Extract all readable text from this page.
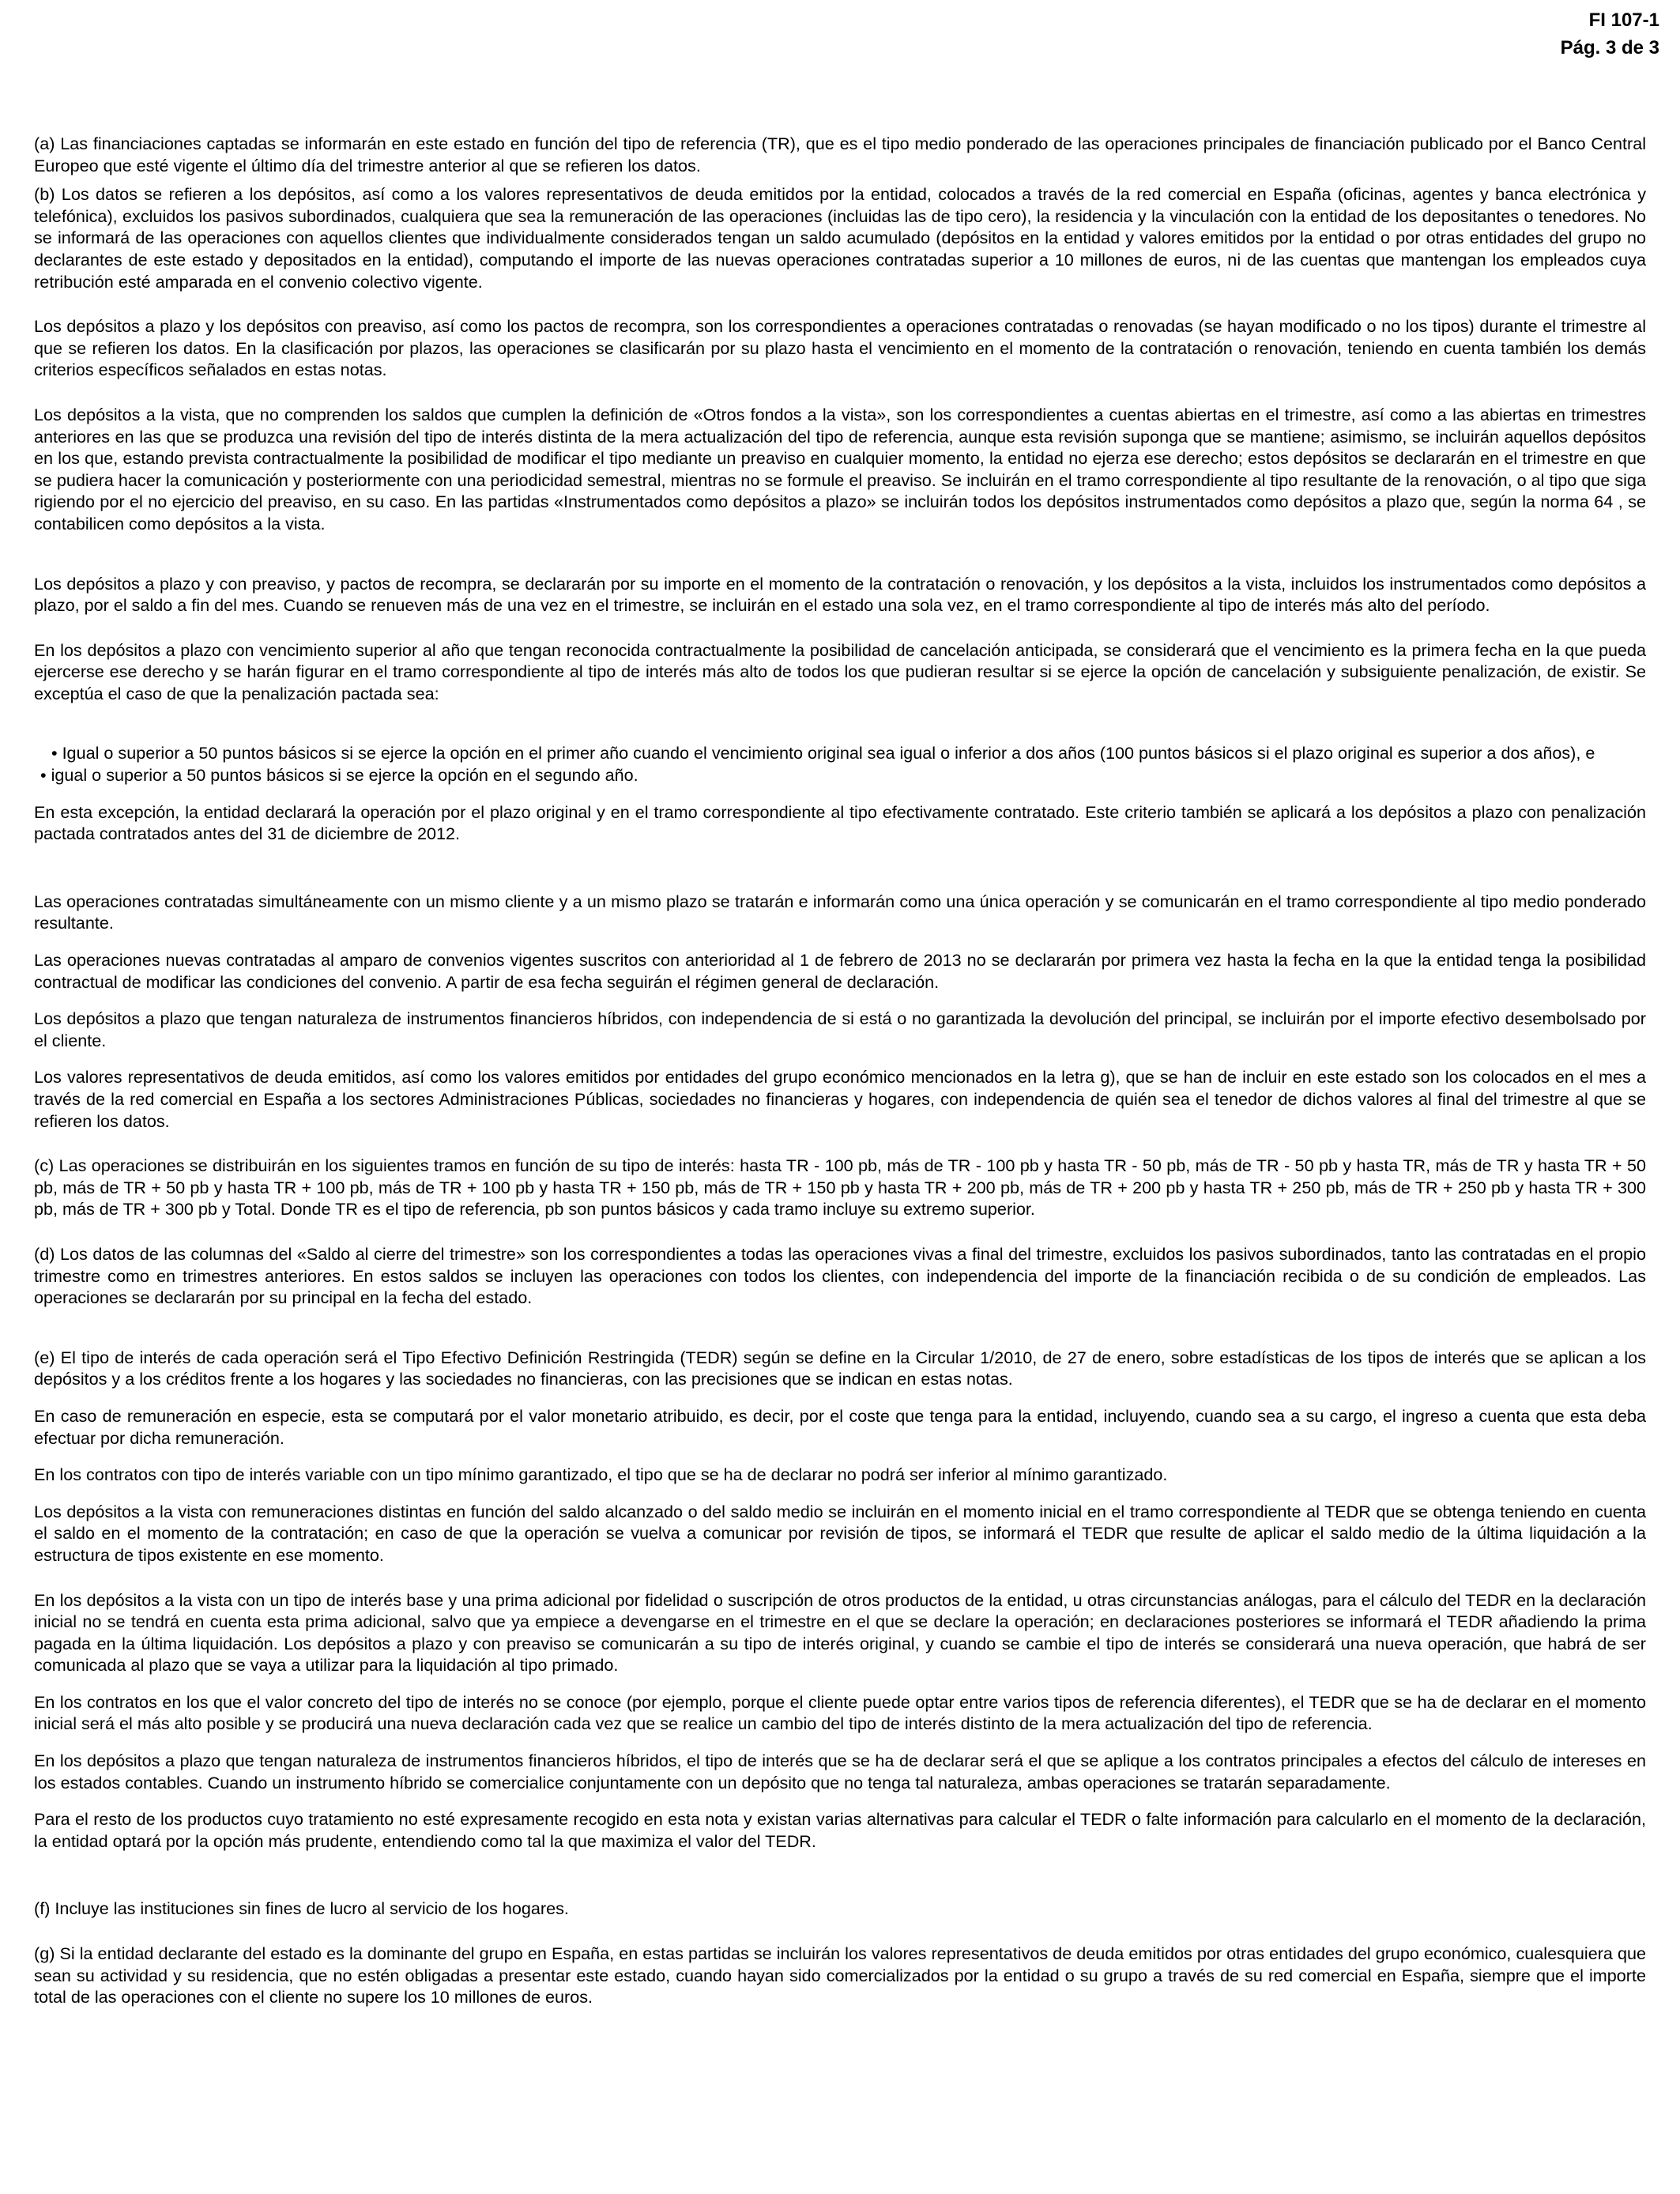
FI 107-1
Pág. 3 de 3

(a) Las financiaciones captadas se informarán en este estado en función del tipo de referencia (TR), que es el tipo medio ponderado de las operaciones principales de financiación publicado por el Banco Central Europeo que esté vigente el último día del trimestre anterior al que se refieren los datos.

(b) Los datos se refieren a los depósitos, así como a los valores representativos de deuda emitidos por la entidad, colocados a través de la red comercial en España (oficinas, agentes y banca electrónica y telefónica), excluidos los pasivos subordinados, cualquiera que sea la remuneración de las operaciones (incluidas las de tipo cero), la residencia y la vinculación con la entidad de los depositantes o tenedores. No se informará de las operaciones con aquellos clientes que individualmente considerados tengan un saldo acumulado (depósitos en la entidad y valores emitidos por la entidad o por otras entidades del grupo no declarantes de este estado y depositados en la entidad), computando el importe de las nuevas operaciones contratadas superior a 10 millones de euros, ni de las cuentas que mantengan los empleados cuya retribución esté amparada en el convenio colectivo vigente.

Los depósitos a plazo y los depósitos con preaviso, así como los pactos de recompra, son los correspondientes a operaciones contratadas o renovadas (se hayan modificado o no los tipos) durante el trimestre al que se refieren los datos. En la clasificación por plazos, las operaciones se clasificarán por su plazo hasta el vencimiento en el momento de la contratación o renovación, teniendo en cuenta también los demás criterios específicos señalados en estas notas.

Los depósitos a la vista, que no comprenden los saldos que cumplen la definición de «Otros fondos a la vista», son los correspondientes a cuentas abiertas en el trimestre, así como a las abiertas en trimestres anteriores en las que se produzca una revisión del tipo de interés distinta de la mera actualización del tipo de referencia, aunque esta revisión suponga que se mantiene; asimismo, se incluirán aquellos depósitos en los que, estando prevista contractualmente la posibilidad de modificar el tipo mediante un preaviso en cualquier momento, la entidad no ejerza ese derecho; estos depósitos se declararán en el trimestre en que se pudiera hacer la comunicación y posteriormente con una periodicidad semestral, mientras no se formule el preaviso. Se incluirán en el tramo correspondiente al tipo resultante de la renovación, o al tipo que siga rigiendo por el no ejercicio del preaviso, en su caso. En las partidas «Instrumentados como depósitos a plazo» se incluirán todos los depósitos instrumentados como depósitos a plazo que, según la norma 64 , se contabilicen como depósitos a la vista.

Los depósitos a plazo y con preaviso, y pactos de recompra, se declararán por su importe en el momento de la contratación o renovación, y los depósitos a la vista, incluidos los instrumentados como depósitos a plazo, por el saldo a fin del mes. Cuando se renueven más de una vez en el trimestre, se incluirán en el estado una sola vez, en el tramo correspondiente al tipo de interés más alto del período.

En los depósitos a plazo con vencimiento superior al año que tengan reconocida contractualmente la posibilidad de cancelación anticipada, se considerará que el vencimiento es la primera fecha en la que pueda ejercerse ese derecho y se harán figurar en el tramo correspondiente al tipo de interés más alto de todos los que pudieran resultar si se ejerce la opción de cancelación y subsiguiente penalización, de existir. Se exceptúa el caso de que la penalización pactada sea:

• Igual o superior a 50 puntos básicos si se ejerce la opción en el primer año cuando el vencimiento original sea igual o inferior a dos años (100 puntos básicos si el plazo original es superior a dos años), e
• igual o superior a 50 puntos básicos si se ejerce la opción en el segundo año.

En esta excepción, la entidad declarará la operación por el plazo original y en el tramo correspondiente al tipo efectivamente contratado. Este criterio también se aplicará a los depósitos a plazo con penalización pactada contratados antes del 31 de diciembre de 2012.

Las operaciones contratadas simultáneamente con un mismo cliente y a un mismo plazo se tratarán e informarán como una única operación y se comunicarán en el tramo correspondiente al tipo medio ponderado resultante.

Las operaciones nuevas contratadas al amparo de convenios vigentes suscritos con anterioridad al 1 de febrero de 2013 no se declararán por primera vez hasta la fecha en la que la entidad tenga la posibilidad contractual de modificar las condiciones del convenio. A partir de esa fecha seguirán el régimen general de declaración.

Los depósitos a plazo que tengan naturaleza de instrumentos financieros híbridos, con independencia de si está o no garantizada la devolución del principal, se incluirán por el importe efectivo desembolsado por el cliente.

Los valores representativos de deuda emitidos, así como los valores emitidos por entidades del grupo económico mencionados en la letra g), que se han de incluir en este estado son los colocados en el mes a través de la red comercial en España a los sectores Administraciones Públicas, sociedades no financieras y hogares, con independencia de quién sea el tenedor de dichos valores al final del trimestre al que se refieren los datos.

(c) Las operaciones se distribuirán en los siguientes tramos en función de su tipo de interés: hasta TR - 100 pb, más de TR - 100 pb y hasta TR - 50 pb, más de TR - 50 pb y hasta TR, más de TR y hasta TR + 50 pb, más de TR + 50 pb y hasta TR + 100 pb, más de TR + 100 pb y hasta TR + 150 pb, más de TR + 150 pb y hasta TR + 200 pb, más de TR + 200 pb y hasta TR + 250 pb, más de TR + 250 pb y hasta TR + 300 pb, más de TR + 300 pb y Total. Donde TR es el tipo de referencia, pb son puntos básicos y cada tramo incluye su extremo superior.

(d) Los datos de las columnas del «Saldo al cierre del trimestre» son los correspondientes a todas las operaciones vivas a final del trimestre, excluidos los pasivos subordinados, tanto las contratadas en el propio trimestre como en trimestres anteriores. En estos saldos se incluyen las operaciones con todos los clientes, con independencia del importe de la financiación recibida o de su condición de empleados. Las operaciones se declararán por su principal en la fecha del estado.

(e) El tipo de interés de cada operación será el Tipo Efectivo Definición Restringida (TEDR) según se define en la Circular 1/2010, de 27 de enero, sobre estadísticas de los tipos de interés que se aplican a los depósitos y a los créditos frente a los hogares y las sociedades no financieras, con las precisiones que se indican en estas notas.

En caso de remuneración en especie, esta se computará por el valor monetario atribuido, es decir, por el coste que tenga para la entidad, incluyendo, cuando sea a su cargo, el ingreso a cuenta que esta deba efectuar por dicha remuneración.

En los contratos con tipo de interés variable con un tipo mínimo garantizado, el tipo que se ha de declarar no podrá ser inferior al mínimo garantizado.

Los depósitos a la vista con remuneraciones distintas en función del saldo alcanzado o del saldo medio se incluirán en el momento inicial en el tramo correspondiente al TEDR que se obtenga teniendo en cuenta el saldo en el momento de la contratación; en caso de que la operación se vuelva a comunicar por revisión de tipos, se informará el TEDR que resulte de aplicar el saldo medio de la última liquidación a la estructura de tipos existente en ese momento.

En los depósitos a la vista con un tipo de interés base y una prima adicional por fidelidad o suscripción de otros productos de la entidad, u otras circunstancias análogas, para el cálculo del TEDR en la declaración inicial no se tendrá en cuenta esta prima adicional, salvo que ya empiece a devengarse en el trimestre en el que se declare la operación; en declaraciones posteriores se informará el TEDR añadiendo la prima pagada en la última liquidación. Los depósitos a plazo y con preaviso se comunicarán a su tipo de interés original, y cuando se cambie el tipo de interés se considerará una nueva operación, que habrá de ser comunicada al plazo que se vaya a utilizar para la liquidación al tipo primado.

En los contratos en los que el valor concreto del tipo de interés no se conoce (por ejemplo, porque el cliente puede optar entre varios tipos de referencia diferentes), el TEDR que se ha de declarar en el momento inicial será el más alto posible y se producirá una nueva declaración cada vez que se realice un cambio del tipo de interés distinto de la mera actualización del tipo de referencia.

En los depósitos a plazo que tengan naturaleza de instrumentos financieros híbridos, el tipo de interés que se ha de declarar será el que se aplique a los contratos principales a efectos del cálculo de intereses en los estados contables. Cuando un instrumento híbrido se comercialice conjuntamente con un depósito que no tenga tal naturaleza, ambas operaciones se tratarán separadamente.

Para el resto de los productos cuyo tratamiento no esté expresamente recogido en esta nota y existan varias alternativas para calcular el TEDR o falte información para calcularlo en el momento de la declaración, la entidad optará por la opción más prudente, entendiendo como tal la que maximiza el valor del TEDR.

(f) Incluye las instituciones sin fines de lucro al servicio de los hogares.

(g) Si la entidad declarante del estado es la dominante del grupo en España, en estas partidas se incluirán los valores representativos de deuda emitidos por otras entidades del grupo económico, cualesquiera que sean su actividad y su residencia, que no estén obligadas a presentar este estado, cuando hayan sido comercializados por la entidad o su grupo a través de su red comercial en España, siempre que el importe total de las operaciones con el cliente no supere los 10 millones de euros.
